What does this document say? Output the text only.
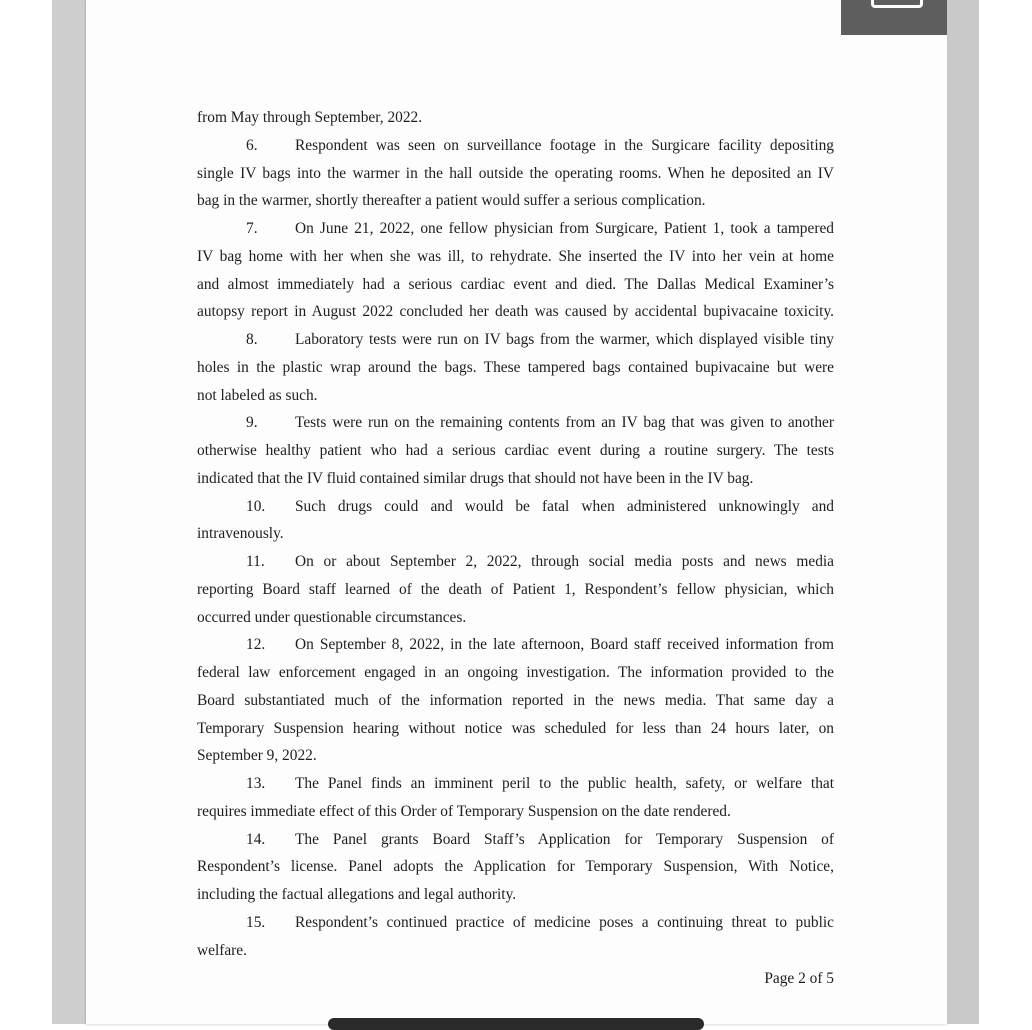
from May through September, 2022.
6.	Respondent was seen on surveillance footage in the Surgicare facility depositing
single IV bags into the warmer in the hall outside the operating rooms. When he deposited an IV
bag in the warmer, shortly thereafter a patient would suffer a serious complication.
7.	On June 21, 2022, one fellow physician from Surgicare, Patient 1, took a tampered
IV bag home with her when she was ill, to rehydrate. She inserted the IV into her vein at home
and almost immediately had a serious cardiac event and died. The Dallas Medical Examiner’s
autopsy report in August 2022 concluded her death was caused by accidental bupivacaine toxicity.
8.	Laboratory tests were run on IV bags from the warmer, which displayed visible tiny
holes in the plastic wrap around the bags. These tampered bags contained bupivacaine but were
not labeled as such.
9.	Tests were run on the remaining contents from an IV bag that was given to another
otherwise healthy patient who had a serious cardiac event during a routine surgery. The tests
indicated that the IV fluid contained similar drugs that should not have been in the IV bag.
10.	Such drugs could and would be fatal when administered unknowingly and
intravenously.
11.	On or about September 2, 2022, through social media posts and news media
reporting Board staff learned of the death of Patient 1, Respondent’s fellow physician, which
occurred under questionable circumstances.
12.	On September 8, 2022, in the late afternoon, Board staff received information from
federal law enforcement engaged in an ongoing investigation. The information provided to the
Board substantiated much of the information reported in the news media. That same day a
Temporary Suspension hearing without notice was scheduled for less than 24 hours later, on
September 9, 2022.
13.	The Panel finds an imminent peril to the public health, safety, or welfare that
requires immediate effect of this Order of Temporary Suspension on the date rendered.
14.	The Panel grants Board Staff’s Application for Temporary Suspension of
Respondent’s license. Panel adopts the Application for Temporary Suspension, With Notice,
including the factual allegations and legal authority.
15.	Respondent’s continued practice of medicine poses a continuing threat to public
welfare.
Page 2 of 5
